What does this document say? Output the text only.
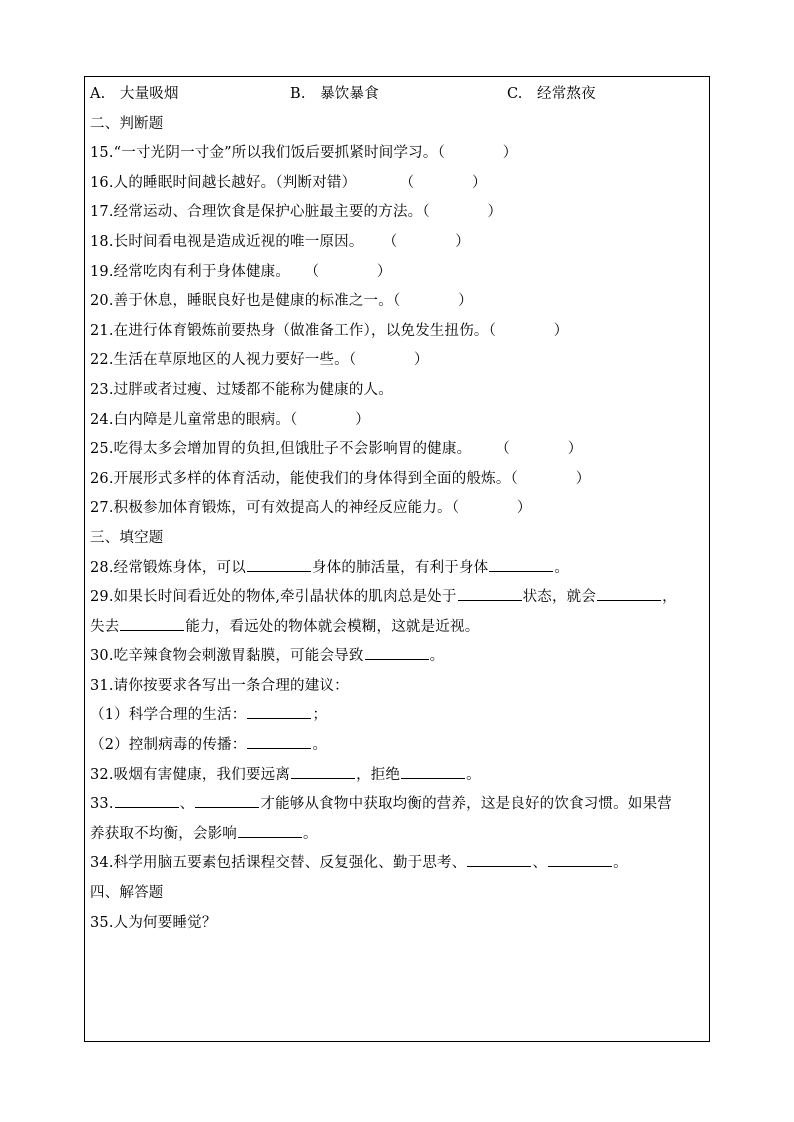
A.   大量吸烟	B.   暴饮暴食	C.   经常熬夜
二、判断题
15.“一寸光阴一寸金”所以我们饭后要抓紧时间学习。（            ）
16.人的睡眠时间越长越好。（判断对错）         （            ）
17.经常运动、合理饮食是保护心脏最主要的方法。（            ）
18.长时间看电视是造成近视的唯一原因。    （            ）
19.经常吃肉有利于身体健康。   （            ）
20.善于休息，睡眠良好也是健康的标准之一。（            ）
21.在进行体育锻炼前要热身（做准备工作），以免发生扭伤。（            ）
22.生活在草原地区的人视力要好一些。（            ）
23.过胖或者过瘦、过矮都不能称为健康的人。
24.白内障是儿童常患的眼病。（            ）
25.吃得太多会增加胃的负担,但饿肚子不会影响胃的健康。     （            ）
26.开展形式多样的体育活动，能使我们的身体得到全面的般炼。（            ）
27.积极参加体育锻炼，可有效提高人的神经反应能力。（            ）
三、填空题
28.经常锻炼身体，可以	身体的肺活量，有利于身体	。
29.如果长时间看近处的物体,牵引晶状体的肌肉总是处于	状态，就会	，
失去	能力，看远处的物体就会模糊，这就是近视。
30.吃辛辣食物会刺激胃黏膜，可能会导致	。
31.请你按要求各写出一条合理的建议：
（1）科学合理的生活：	；
（2）控制病毒的传播：	。
32.吸烟有害健康，我们要远离	，拒绝	。
33.	、	才能够从食物中获取均衡的营养，这是良好的饮食习惯。如果营
养获取不均衡，会影响	。
34.科学用脑五要素包括课程交替、反复强化、勤于思考、	、	。
四、解答题
35.人为何要睡觉？
